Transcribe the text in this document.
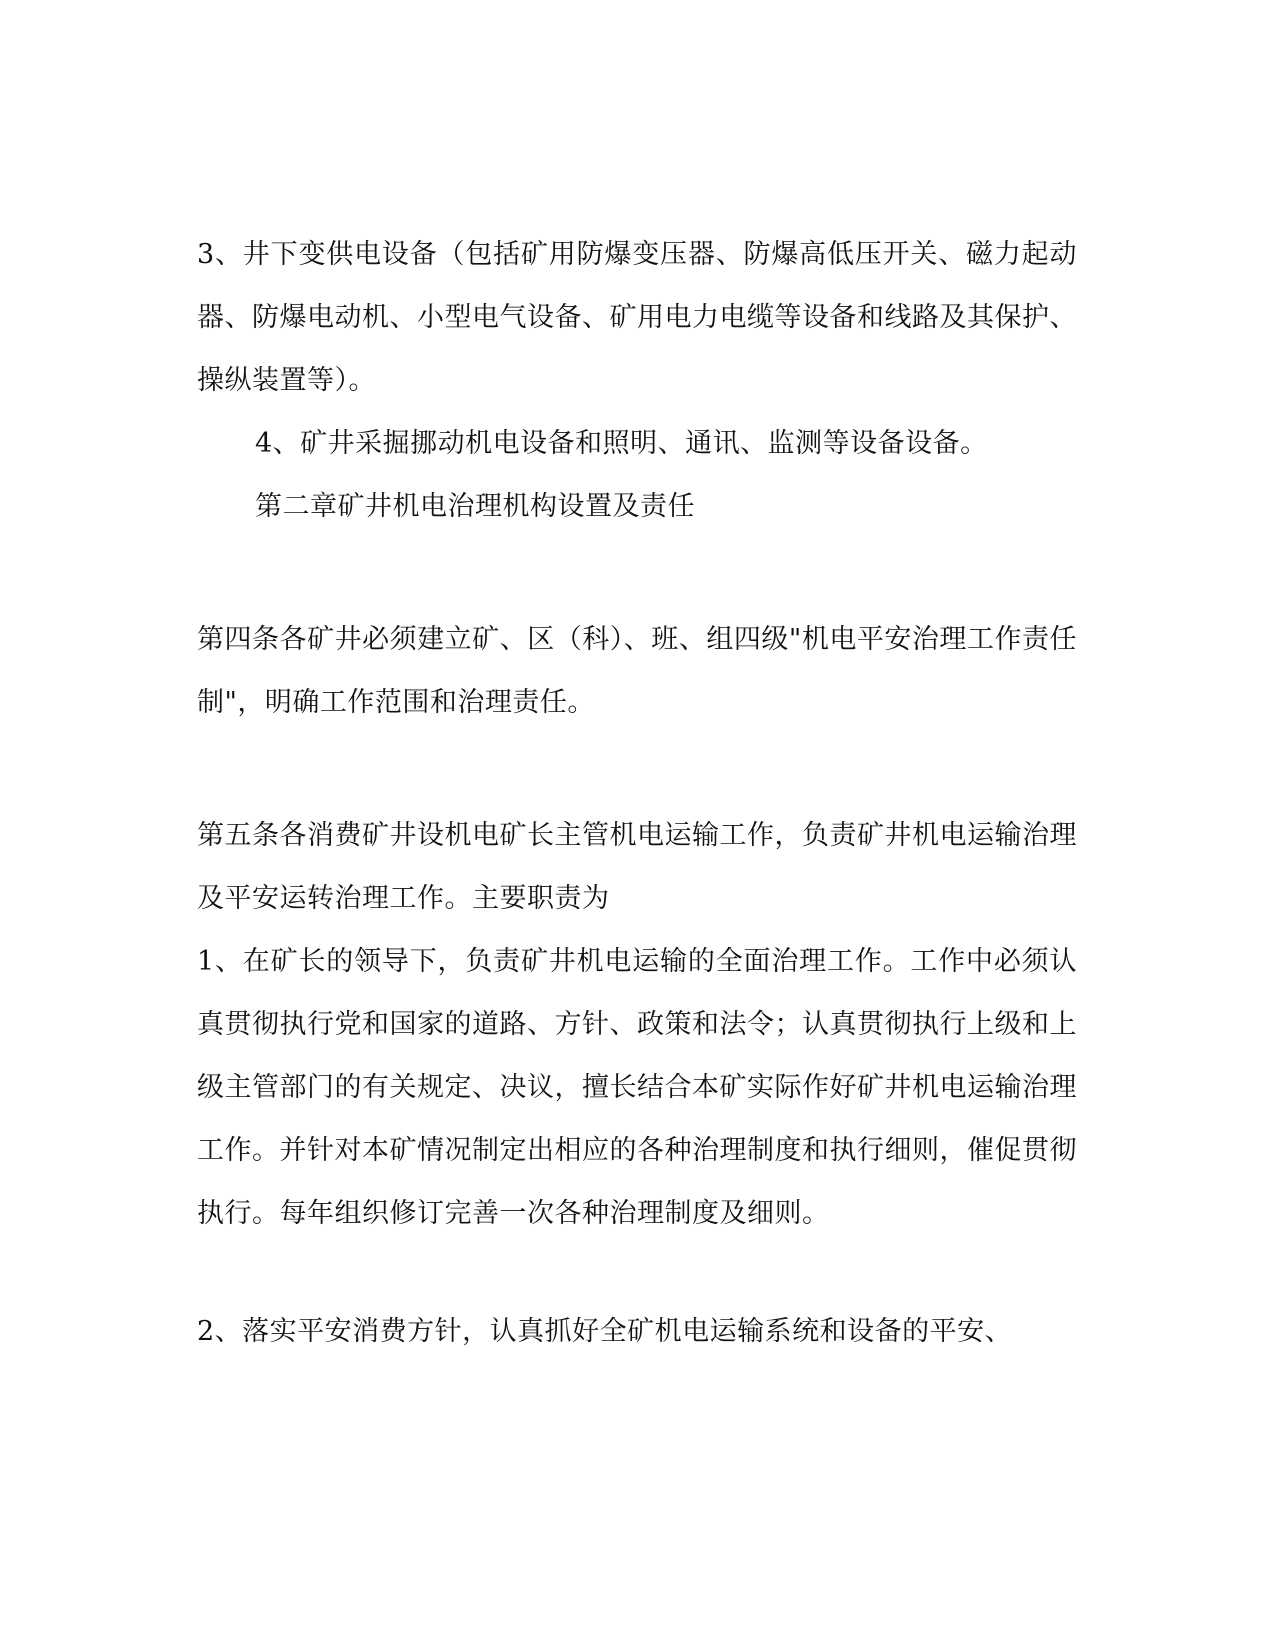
3、井下变供电设备（包括矿用防爆变压器、防爆高低压开关、磁力起动器、防爆电动机、小型电气设备、矿用电力电缆等设备和线路及其保护、操纵装置等）。

4、矿井采掘挪动机电设备和照明、通讯、监测等设备设备。

第二章矿井机电治理机构设置及责任

第四条各矿井必须建立矿、区（科）、班、组四级"机电平安治理工作责任制"，明确工作范围和治理责任。

第五条各消费矿井设机电矿长主管机电运输工作，负责矿井机电运输治理及平安运转治理工作。主要职责为

1、在矿长的领导下，负责矿井机电运输的全面治理工作。工作中必须认真贯彻执行党和国家的道路、方针、政策和法令；认真贯彻执行上级和上级主管部门的有关规定、决议，擅长结合本矿实际作好矿井机电运输治理工作。并针对本矿情况制定出相应的各种治理制度和执行细则，催促贯彻执行。每年组织修订完善一次各种治理制度及细则。

2、落实平安消费方针，认真抓好全矿机电运输系统和设备的平安、
